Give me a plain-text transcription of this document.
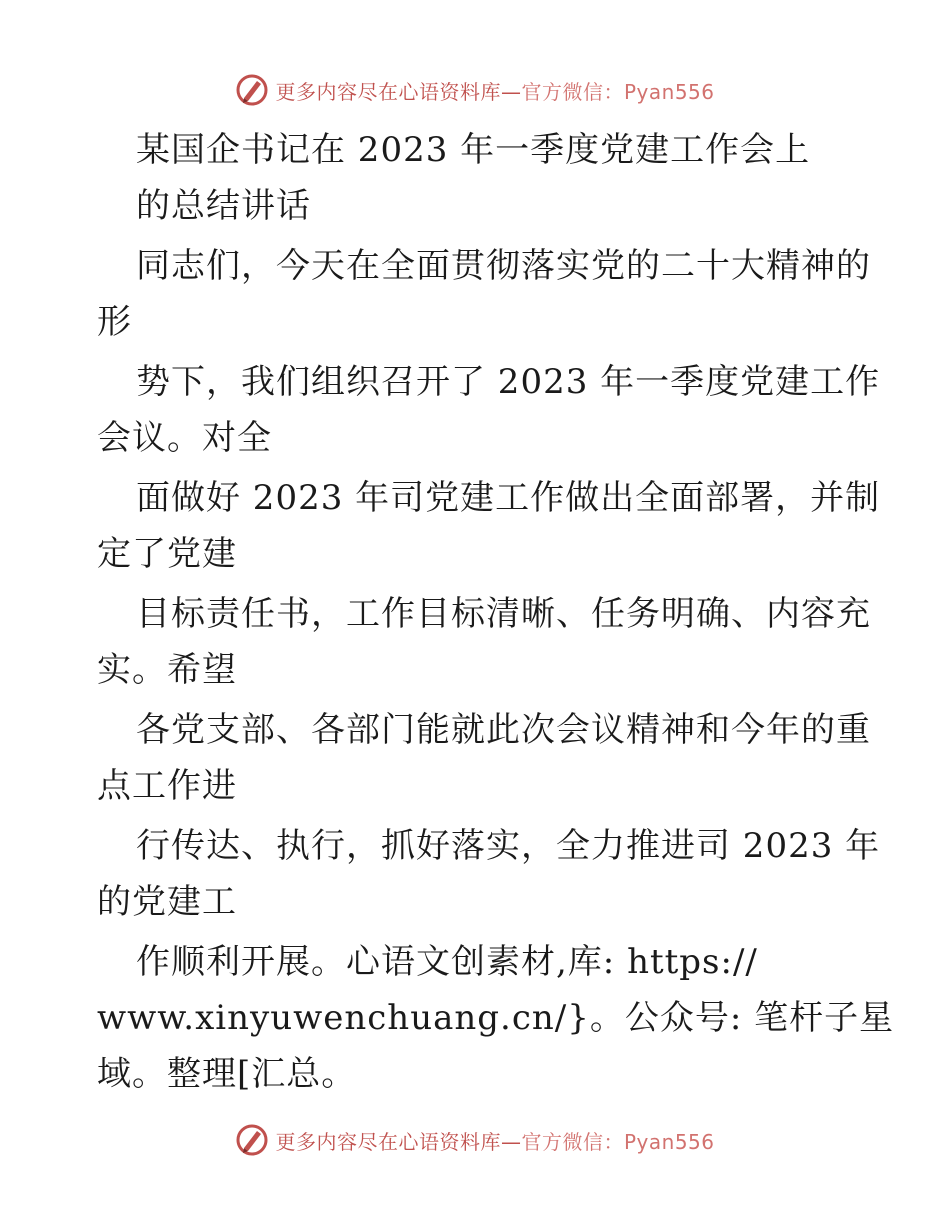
更多内容尽在心语资料库—官方微信：Pyan556
某国企书记在 2023 年一季度党建工作会上
的总结讲话
同志们，今天在全面贯彻落实党的二十大精神的
形
势下，我们组织召开了 2023 年一季度党建工作
会议。对全
面做好 2023 年司党建工作做出全面部署，并制
定了党建
目标责任书，工作目标清晰、任务明确、内容充
实。希望
各党支部、各部门能就此次会议精神和今年的重
点工作进
行传达、执行，抓好落实，全力推进司 2023 年
的党建工
作顺利开展。心语文创素材,库: https://
www.xinyuwenchuang.cn/}。公众号: 笔杆子星
域。整理[汇总。
更多内容尽在心语资料库—官方微信：Pyan556
